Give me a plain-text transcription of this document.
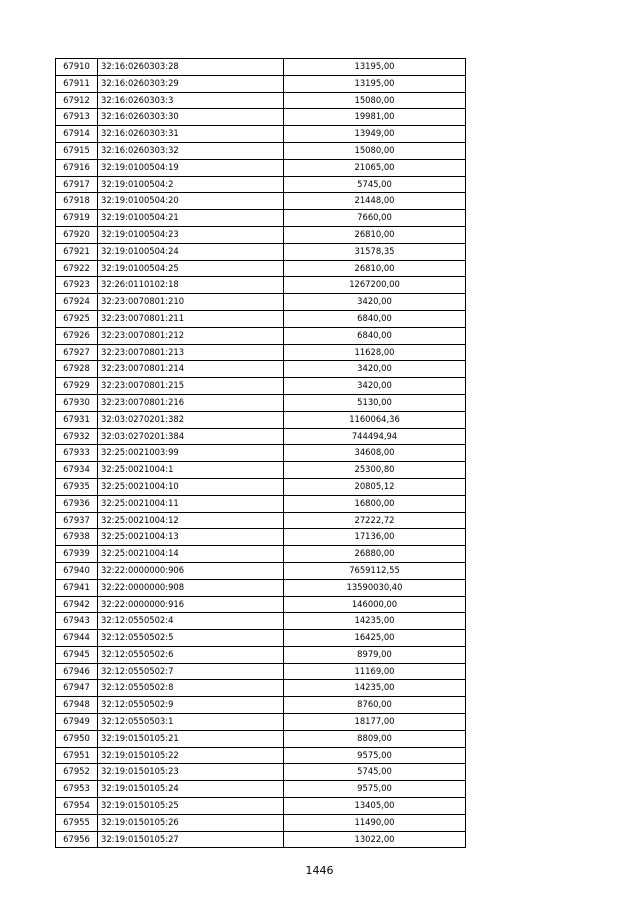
67910	32:16:0260303:28	13195,00
67911	32:16:0260303:29	13195,00
67912	32:16:0260303:3	15080,00
67913	32:16:0260303:30	19981,00
67914	32:16:0260303:31	13949,00
67915	32:16:0260303:32	15080,00
67916	32:19:0100504:19	21065,00
67917	32:19:0100504:2	5745,00
67918	32:19:0100504:20	21448,00
67919	32:19:0100504:21	7660,00
67920	32:19:0100504:23	26810,00
67921	32:19:0100504:24	31578,35
67922	32:19:0100504:25	26810,00
67923	32:26:0110102:18	1267200,00
67924	32:23:0070801:210	3420,00
67925	32:23:0070801:211	6840,00
67926	32:23:0070801:212	6840,00
67927	32:23:0070801:213	11628,00
67928	32:23:0070801:214	3420,00
67929	32:23:0070801:215	3420,00
67930	32:23:0070801:216	5130,00
67931	32:03:0270201:382	1160064,36
67932	32:03:0270201:384	744494,94
67933	32:25:0021003:99	34608,00
67934	32:25:0021004:1	25300,80
67935	32:25:0021004:10	20805,12
67936	32:25:0021004:11	16800,00
67937	32:25:0021004:12	27222,72
67938	32:25:0021004:13	17136,00
67939	32:25:0021004:14	26880,00
67940	32:22:0000000:906	7659112,55
67941	32:22:0000000:908	13590030,40
67942	32:22:0000000:916	146000,00
67943	32:12:0550502:4	14235,00
67944	32:12:0550502:5	16425,00
67945	32:12:0550502:6	8979,00
67946	32:12:0550502:7	11169,00
67947	32:12:0550502:8	14235,00
67948	32:12:0550502:9	8760,00
67949	32:12:0550503:1	18177,00
67950	32:19:0150105:21	8809,00
67951	32:19:0150105:22	9575,00
67952	32:19:0150105:23	5745,00
67953	32:19:0150105:24	9575,00
67954	32:19:0150105:25	13405,00
67955	32:19:0150105:26	11490,00
67956	32:19:0150105:27	13022,00
1446
